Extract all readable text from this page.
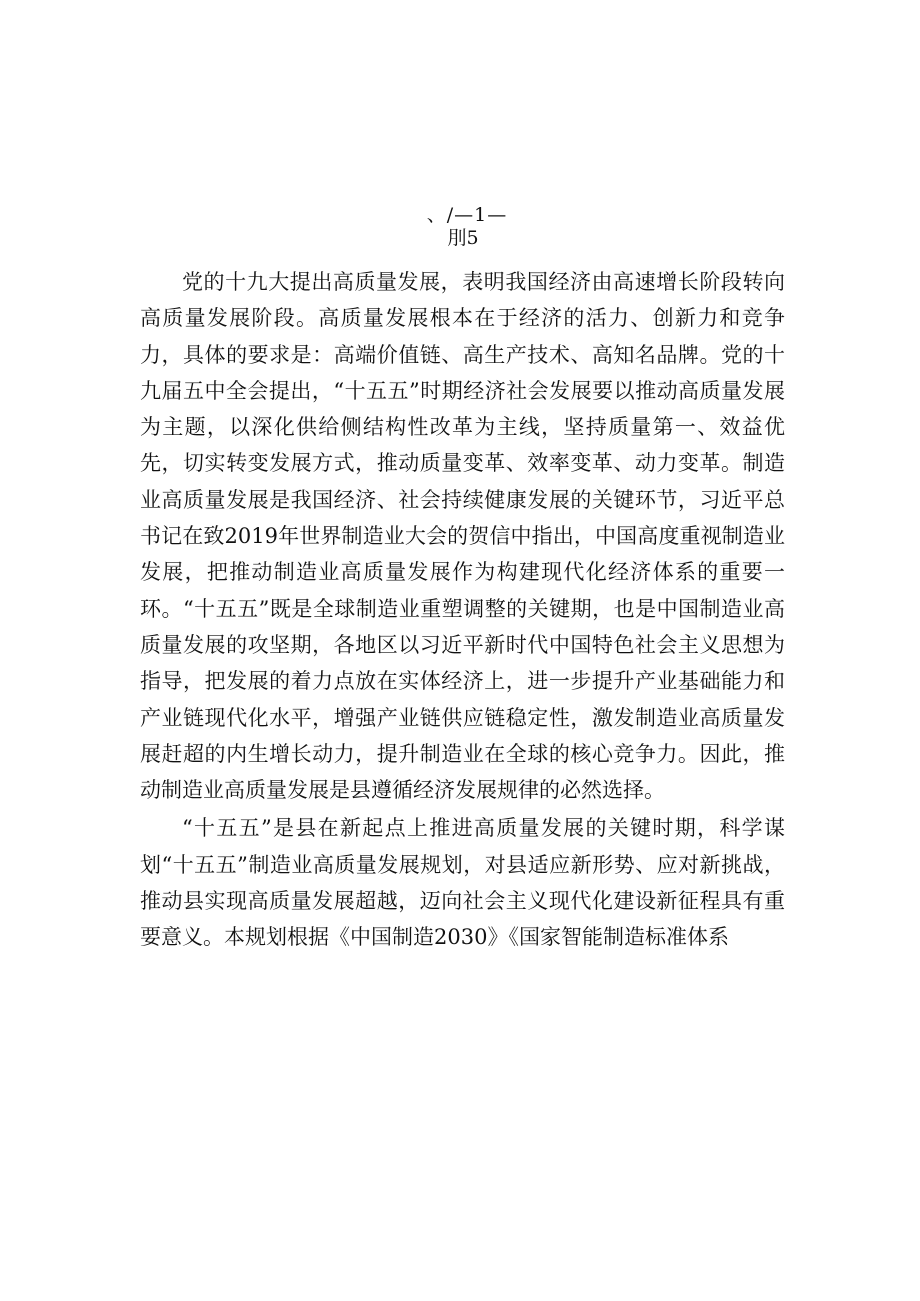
、/—1—
刖5

党的十九大提出高质量发展，表明我国经济由高速增长阶段转向高质量发展阶段。高质量发展根本在于经济的活力、创新力和竞争力，具体的要求是：高端价值链、高生产技术、高知名品牌。党的十九届五中全会提出，“十五五”时期经济社会发展要以推动高质量发展为主题，以深化供给侧结构性改革为主线，坚持质量第一、效益优先，切实转变发展方式，推动质量变革、效率变革、动力变革。制造业高质量发展是我国经济、社会持续健康发展的关键环节，习近平总书记在致2019年世界制造业大会的贺信中指出，中国高度重视制造业发展，把推动制造业高质量发展作为构建现代化经济体系的重要一环。“十五五”既是全球制造业重塑调整的关键期，也是中国制造业高质量发展的攻坚期，各地区以习近平新时代中国特色社会主义思想为指导，把发展的着力点放在实体经济上，进一步提升产业基础能力和产业链现代化水平，增强产业链供应链稳定性，激发制造业高质量发展赶超的内生增长动力，提升制造业在全球的核心竞争力。因此，推动制造业高质量发展是县遵循经济发展规律的必然选择。

“十五五”是县在新起点上推进高质量发展的关键时期，科学谋划“十五五”制造业高质量发展规划，对县适应新形势、应对新挑战，推动县实现高质量发展超越，迈向社会主义现代化建设新征程具有重要意义。本规划根据《中国制造2030》《国家智能制造标准体系
